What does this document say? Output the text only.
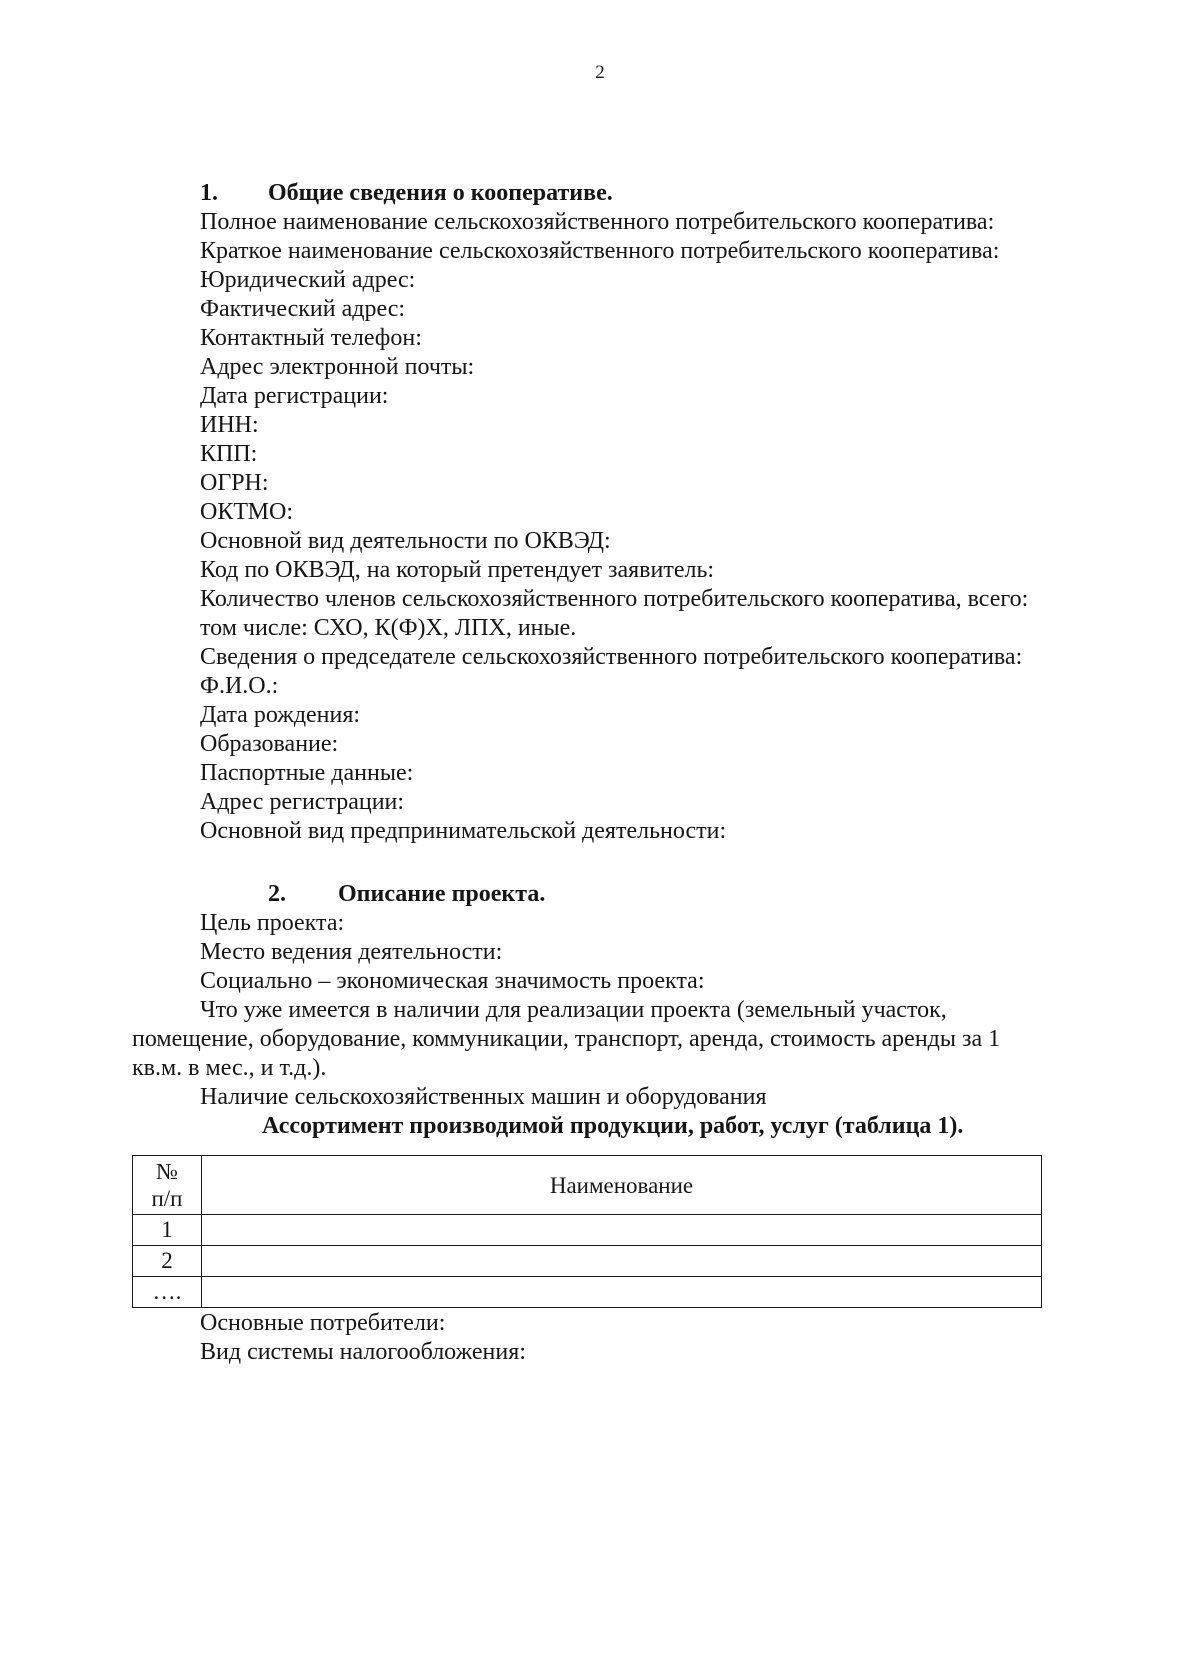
2
1. Общие сведения о кооперативе.
Полное наименование сельскохозяйственного потребительского кооператива:
Краткое наименование сельскохозяйственного потребительского кооператива:
Юридический адрес:
Фактический адрес:
Контактный телефон:
Адрес электронной почты:
Дата регистрации:
ИНН:
КПП:
ОГРН:
ОКТМО:
Основной вид деятельности по ОКВЭД:
Код по ОКВЭД, на который претендует заявитель:
Количество членов сельскохозяйственного потребительского кооператива, всего:
том числе: СХО, К(Ф)Х, ЛПХ, иные.
Сведения о председателе сельскохозяйственного потребительского кооператива:
Ф.И.О.:
Дата рождения:
Образование:
Паспортные данные:
Адрес регистрации:
Основной вид предпринимательской деятельности:
2. Описание проекта.
Цель проекта:
Место ведения деятельности:
Социально – экономическая значимость проекта:
Что уже имеется в наличии для реализации проекта (земельный участок,
помещение, оборудование, коммуникации, транспорт, аренда, стоимость аренды за 1
кв.м. в мес., и т.д.).
Наличие сельскохозяйственных машин и оборудования
Ассортимент производимой продукции, работ, услуг (таблица 1).
№
п/п	Наименование
1	
2	
….	
Основные потребители:
Вид системы налогообложения:
